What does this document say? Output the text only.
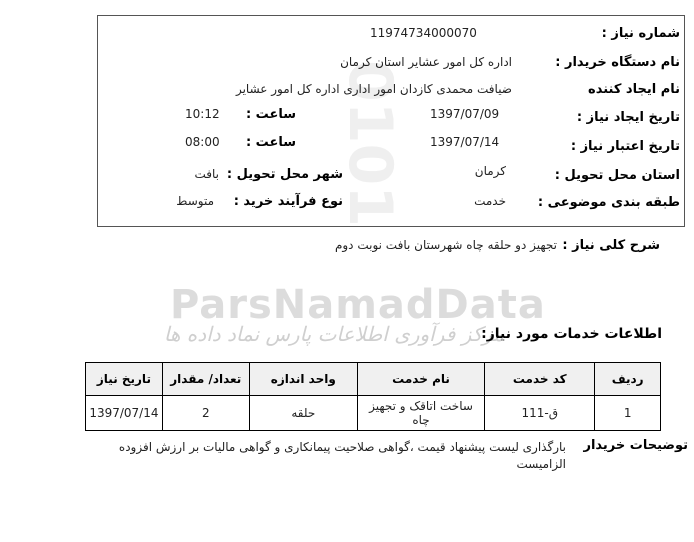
0101
شماره نیاز :
11974734000070
نام دستگاه خریدار :
اداره کل امور عشایر استان کرمان
نام ایجاد کننده
ضیافت محمدی کازدان امور اداری اداره کل امور عشایر
تاریخ ایجاد نیاز :
1397/07/09
ساعت :
10:12
تاریخ اعتبار نیاز :
1397/07/14
ساعت :
08:00
استان محل تحویل :
کرمان
شهر محل تحویل :
بافت
طبقه بندی موضوعی :
خدمت
نوع فرآیند خرید :
متوسط
شرح کلی نیاز :
تجهیز دو حلقه چاه شهرستان بافت نوبت دوم
ParsNamadData
مرکز فرآوری اطلاعات پارس نماد داده ها
اطلاعات خدمات مورد نیاز:
ردیف	کد خدمت	نام خدمت	واحد اندازه	تعداد/ مقدار	تاریخ نیاز
1	ق-111	ساخت اتاقک و تجهیز چاه	حلقه	2	1397/07/14
توضیحات خریدار
بارگذاری لیست پیشنهاد قیمت ،گواهی صلاحیت پیمانکاری و گواهی مالیات بر ارزش افزوده
الزامیست
